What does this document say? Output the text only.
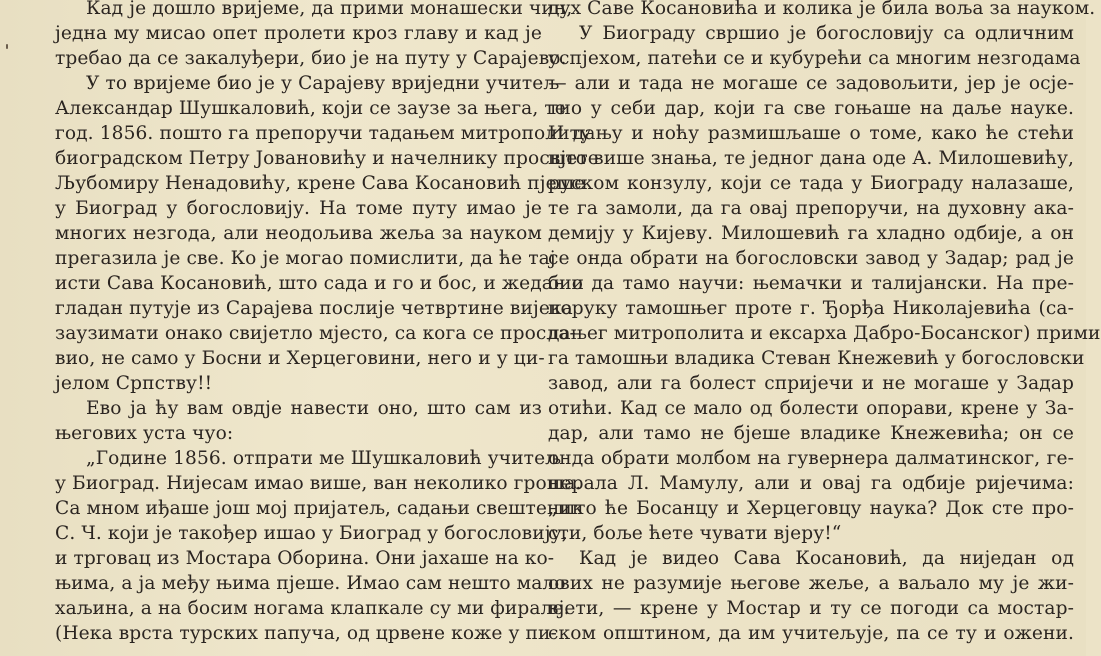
Кад је дошло вријеме, да прими монашески чин,
једна му мисао опет пролети кроз главу и кад је
требао да се закалуђери, био је на путу у Сарајево.
У то вријеме био је у Сарајеву вриједни учитељ
Александар Шушкаловић, који се заузе за њега, те
год. 1856. пошто га препоручи тадањем митрополиту
биоградском Петру Јовановићу и начелнику просвјете
Љубомиру Ненадовићу, крене Сава Косановић пјеше
у Биоград у богословију. На томе путу имао је
многих незгода, али неодољива жеља за науком
прегазила је све. Ко је могао помислити, да ће тај
исти Сава Косановић, што сада и го и бос, и жедан и
гладан путује из Сарајева послије четвртине вијека
заузимати онако свијетло мјесто, са кога се просла-
вио, не само у Босни и Херцеговини, него и у ци-
јелом Српству!!
Ево ја ћу вам овдје навести оно, што сам из
његових уста чуо:
„Године 1856. отпрати ме Шушкаловић учитељ
у Биоград. Нијесам имао више, ван неколико гроша.
Са мном иђаше још мој пријатељ, садањи свештеник
С. Ч. који је такођер ишао у Биоград у богословију,
и трговац из Мостара Оборина. Они јахаше на ко-
њима, а ја међу њима пјеше. Имао сам нешто мало
хаљина, а на босим ногама клапкале су ми фирале.
(Нека врста турских папуча, од црвене коже у пи-
дух Саве Косановића и колика је била воља за науком.
У Биограду свршио је богословију са одличним
успјехом, патећи се и кубурећи са многим незгодама
— али и тада не могаше се задовољити, јер је осје-
тио у себи дар, који га све гоњаше на даље науке.
И дању и ноћу размишљаше о томе, како ће стећи
што више знања, те једног дана оде А. Милошевићу,
руском конзулу, који се тада у Биограду налазаше,
те га замоли, да га овај препоручи, на духовну ака-
демију у Кијеву. Милошевић га хладно одбије, а он
се онда обрати на богословски завод у Задар; рад је
био да тамо научи: њемачки и талијански. На пре-
поруку тамошњег проте г. Ђорђа Николајевића (са-
дањег митрополита и ексарха Дабро-Босанског) прими
га тамошњи владика Стеван Кнежевић у богословски
завод, али га болест спријечи и не могаше у Задар
отићи. Кад се мало од болести опорави, крене у За-
дар, али тамо не бјеше владике Кнежевића; он се
онда обрати молбом на гувернера далматинског, ге-
нерала Л. Мамулу, али и овај га одбије ријечима:
„што ће Босанцу и Херцеговцу наука? Док сте про-
сти, боље ћете чувати вјеру!“
Кад је видео Сава Косановић, да ниједан од
ових не разумије његове жеље, а ваљало му је жи-
вјети, — крене у Мостар и ту се погоди са мостар-
ском општином, да им учитељује, па се ту и ожени.
